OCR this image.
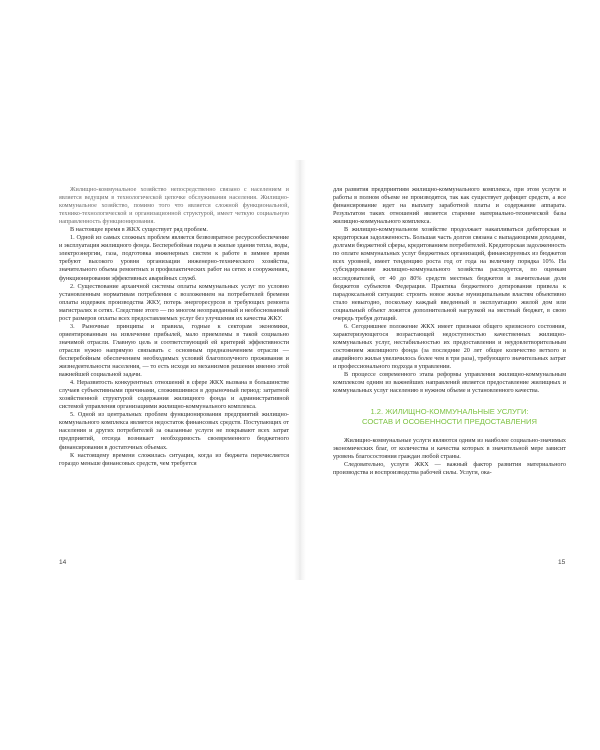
Жилищно-коммунальное хозяйство непосредственно связано с населением и является ведущим в технологической цепочке обслуживания населения. Жилищно-коммунальное хозяйство, помимо того что является сложной функциональной, технико-технологической и организационной структурой, имеет четкую социальную направленность функционирования.

В настоящее время в ЖКХ существует ряд проблем.

1. Одной из самых сложных проблем является безвозвратное ресурсообеспечение и эксплуатация жилищного фонда. Бесперебойная подача в жилые здания тепла, воды, электроэнергии, газа, подготовка инженерных систем к работе в зимнее время требуют высокого уровня организации инженерно-технического хозяйства, значительного объема ремонтных и профилактических работ на сетях и сооружениях, функционирования эффективных аварийных служб.

2. Существование архаичной системы оплаты коммунальных услуг по условно установленным нормативам потребления с возложением на потребителей бремени оплаты издержек производства ЖКУ, потерь энергоресурсов в требующих ремонта магистралях и сетях. Следствие этого — по многом неоправданный и необоснованный рост размеров оплаты всех предоставляемых услуг без улучшения их качества ЖКУ.

3. Рыночные принципы и правила, годные к секторам экономики, ориентированным на извлечение прибылей, мало приемлемы в такой социально значимой отрасли. Главную цель и соответствующий ей критерий эффективности отрасли нужно напрямую связывать с основным предназначением отрасли — бесперебойным обеспечением необходимых условий благополучного проживания и жизнедеятельности населения, — то есть исходя из механизмов решения именно этой важнейшей социальной задачи.

4. Неразвитость конкурентных отношений в сфере ЖКХ вызвана в большинстве случаев субъективными причинами, сложившимися в дорыночный период: затратной хозяйственной структурой содержания жилищного фонда и административной системой управления организациями жилищно-коммунального комплекса.

5. Одной из центральных проблем функционирования предприятий жилищно-коммунального комплекса является недостаток финансовых средств. Поступающих от населения и других потребителей за оказанные услуги не покрывают всех затрат предприятий, отсюда возникает необходимость своевременного бюджетного финансирования в достаточных объемах.

К настоящему времени сложилась ситуация, когда из бюджета перечисляется гораздо меньше финансовых средств, чем требуется

для развития предприятиям жилищно-коммунального комплекса, при этом услуги и работы в полном объеме не производятся, так как существует дефицит средств, а все финансирование идет на выплату заработной платы и содержание аппарата. Результатом таких отношений является старение материально-технической базы жилищно-коммунального комплекса.

В жилищно-коммунальном хозяйстве продолжает накапливаться дебиторская и кредиторская задолженность. Большая часть долгов связана с выпадающими доходами, долгами бюджетной сферы, кредитованием потребителей. Кредиторская задолженность по оплате коммунальных услуг бюджетных организаций, финансируемых из бюджетов всех уровней, имеет тенденцию роста год от года на величину порядка 10%. На субсидирование жилищно-коммунального хозяйства расходуется, по оценкам исследователей, от 40 до 80% средств местных бюджетов и значительная доля бюджетов субъектов Федерации. Практика бюджетного дотирования привела к парадоксальной ситуации: строить новое жилье муниципальным властям объективно стало невыгодно, поскольку каждый введенный в эксплуатацию жилой дом или социальный объект ложится дополнительной нагрузкой на местный бюджет, в свою очередь требуя дотаций.

6. Сегодняшнее положение ЖКХ имеет признаки общего кризисного состояния, характеризующегося возрастающей недоступностью качественных жилищно-коммунальных услуг, нестабильностью их предоставления и неудовлетворительным состоянием жилищного фонда (за последние 20 лет общее количество ветхого и аварийного жилья увеличилось более чем в три раза), требующего значительных затрат и профессионального подхода в управлении.

В процессе современного этапа реформы управления жилищно-коммунальным комплексом одним из важнейших направлений является предоставление жилищных и коммунальных услуг населению в нужном объеме и установленного качества.

1.2. ЖИЛИЩНО-КОММУНАЛЬНЫЕ УСЛУГИ:
СОСТАВ И ОСОБЕННОСТИ ПРЕДОСТАВЛЕНИЯ

Жилищно-коммунальные услуги являются одним из наиболее социально-значимых экономических благ, от количества и качества которых в значительной мере зависит уровень благосостояния граждан любой страны.

Следовательно, услуги ЖКХ — важный фактор развития материального производства и воспроизводства рабочей силы. Услуги, ока-

14	15
